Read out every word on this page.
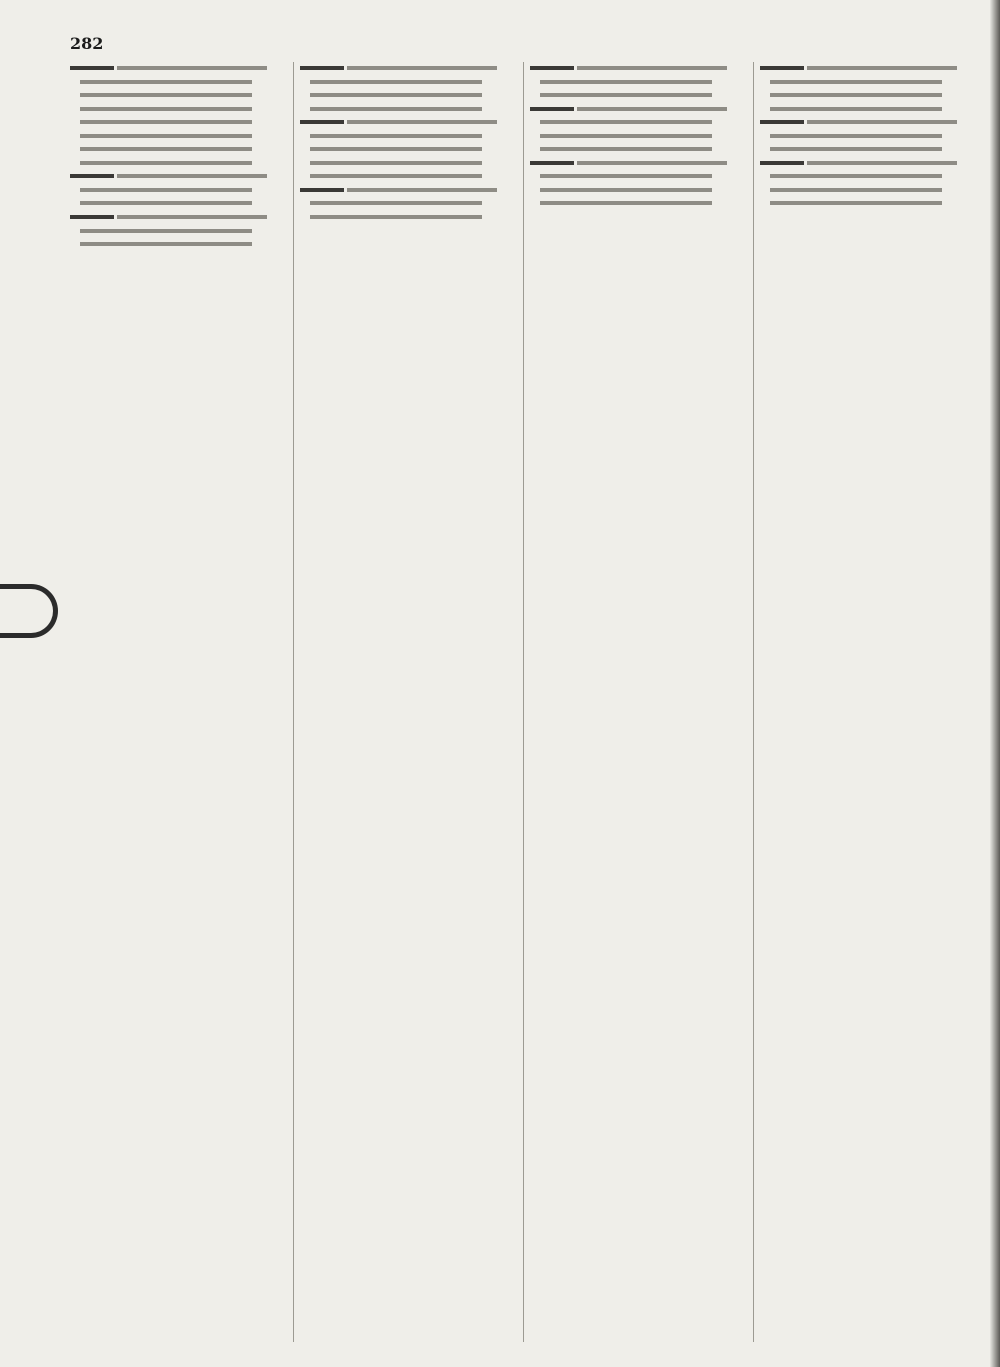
282
